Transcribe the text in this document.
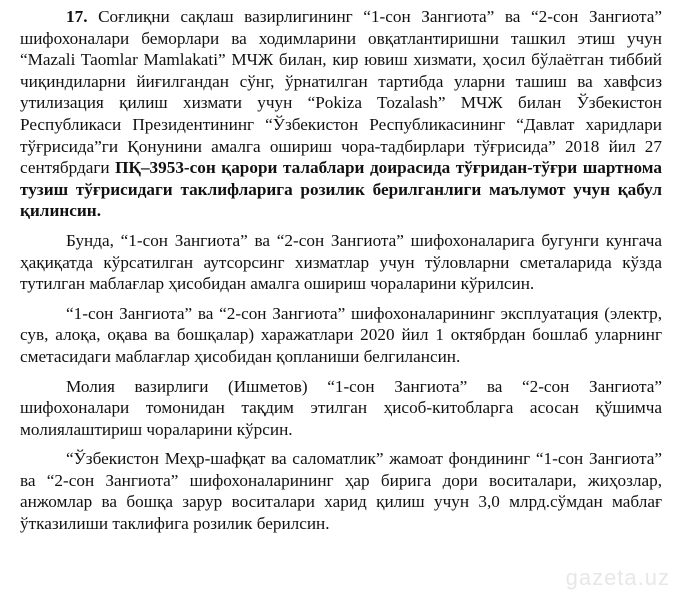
17. Соғлиқни сақлаш вазирлигининг “1-сон Зангиота” ва “2-сон Зангиота” шифохоналари беморлари ва ходимларини овқатлантиришни ташкил этиш учун “Mazali Taomlar Mamlakati” МЧЖ билан, кир ювиш хизмати, ҳосил бўлаётган тиббий чиқиндиларни йиғилгандан сўнг, ўрнатилган тартибда уларни ташиш ва хавфсиз утилизация қилиш хизмати учун “Pokiza Tozalash” МЧЖ билан Ўзбекистон Республикаси Президентининг “Ўзбекистон Республикасининг “Давлат харидлари тўғрисида”ги Қонунини амалга ошириш чора-тадбирлари тўғрисида” 2018 йил 27 сентябрдаги ПҚ–3953-сон қарори талаблари доирасида тўғридан-тўғри шартнома тузиш тўғрисидаги таклифларига розилик берилганлиги маълумот учун қабул қилинсин.

Бунда, “1-сон Зангиота” ва “2-сон Зангиота” шифохоналарига бугунги кунгача ҳақиқатда кўрсатилган аутсорсинг хизматлар учун тўловларни сметаларида кўзда тутилган маблағлар ҳисобидан амалга ошириш чораларини кўрилсин.

“1-сон Зангиота” ва “2-сон Зангиота” шифохоналарининг эксплуатация (электр, сув, алоқа, оқава ва бошқалар) харажатлари 2020 йил 1 октябрдан бошлаб уларнинг сметасидаги маблағлар ҳисобидан қопланиши белгилансин.

Молия вазирлиги (Ишметов) “1-сон Зангиота” ва “2-сон Зангиота” шифохоналари томонидан тақдим этилган ҳисоб-китобларга асосан қўшимча молиялаштириш чораларини кўрсин.

“Ўзбекистон Меҳр-шафқат ва саломатлик” жамоат фондининг “1-сон Зангиота” ва “2-сон Зангиота” шифохоналарининг ҳар бирига дори воситалари, жиҳозлар, анжомлар ва бошқа зарур воситалари харид қилиш учун 3,0 млрд.сўмдан маблағ ўтказилиши таклифига розилик берилсин.

gazeta.uz
